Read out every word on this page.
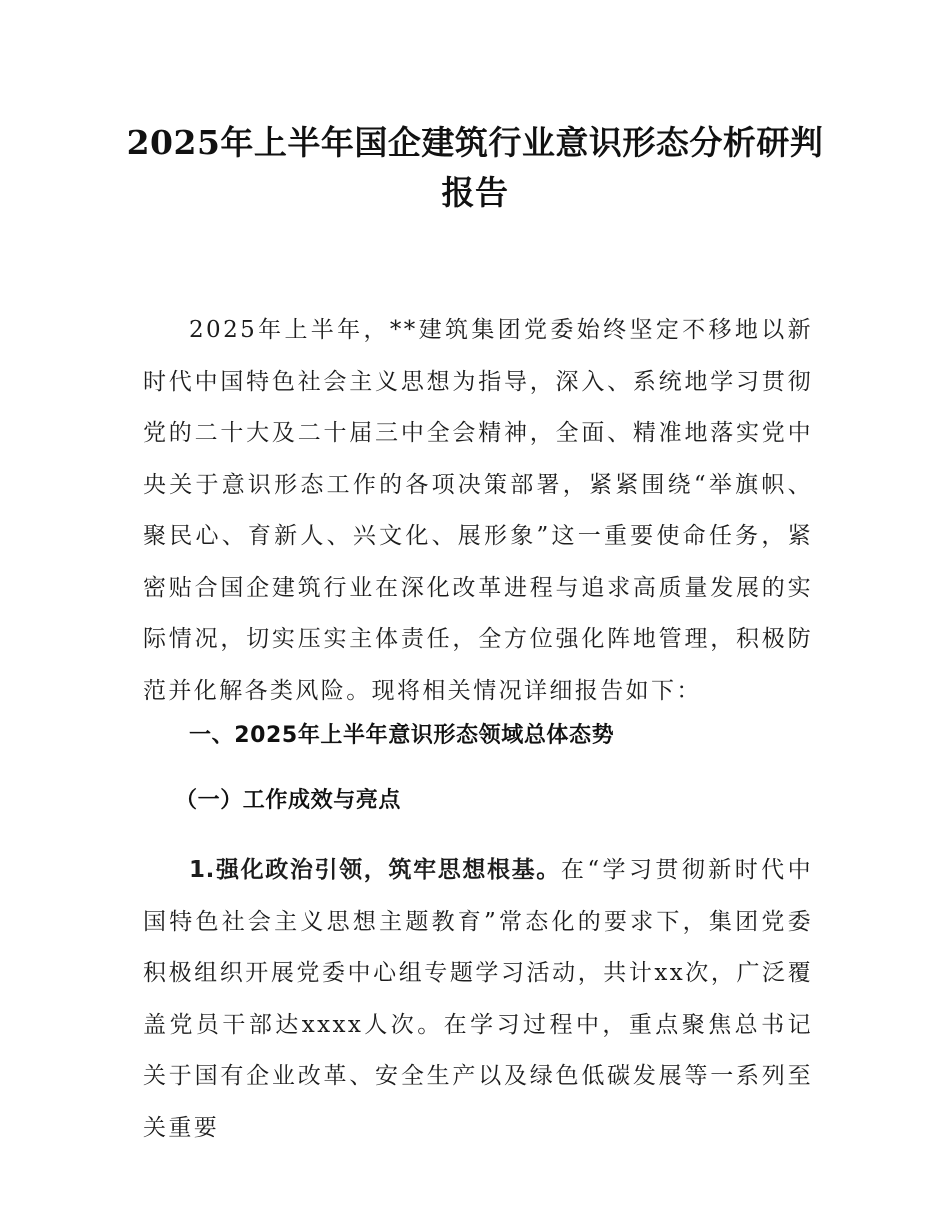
2025年上半年国企建筑行业意识形态分析研判报告

2025年上半年，**建筑集团党委始终坚定不移地以新时代中国特色社会主义思想为指导，深入、系统地学习贯彻党的二十大及二十届三中全会精神，全面、精准地落实党中央关于意识形态工作的各项决策部署，紧紧围绕“举旗帜、聚民心、育新人、兴文化、展形象”这一重要使命任务，紧密贴合国企建筑行业在深化改革进程与追求高质量发展的实际情况，切实压实主体责任，全方位强化阵地管理，积极防范并化解各类风险。现将相关情况详细报告如下：

一、2025年上半年意识形态领域总体态势
（一）工作成效与亮点

1.强化政治引领，筑牢思想根基。在“学习贯彻新时代中国特色社会主义思想主题教育”常态化的要求下，集团党委积极组织开展党委中心组专题学习活动，共计xx次，广泛覆盖党员干部达xxxx人次。在学习过程中，重点聚焦总书记关于国有企业改革、安全生产以及绿色低碳发展等一系列至关重要
